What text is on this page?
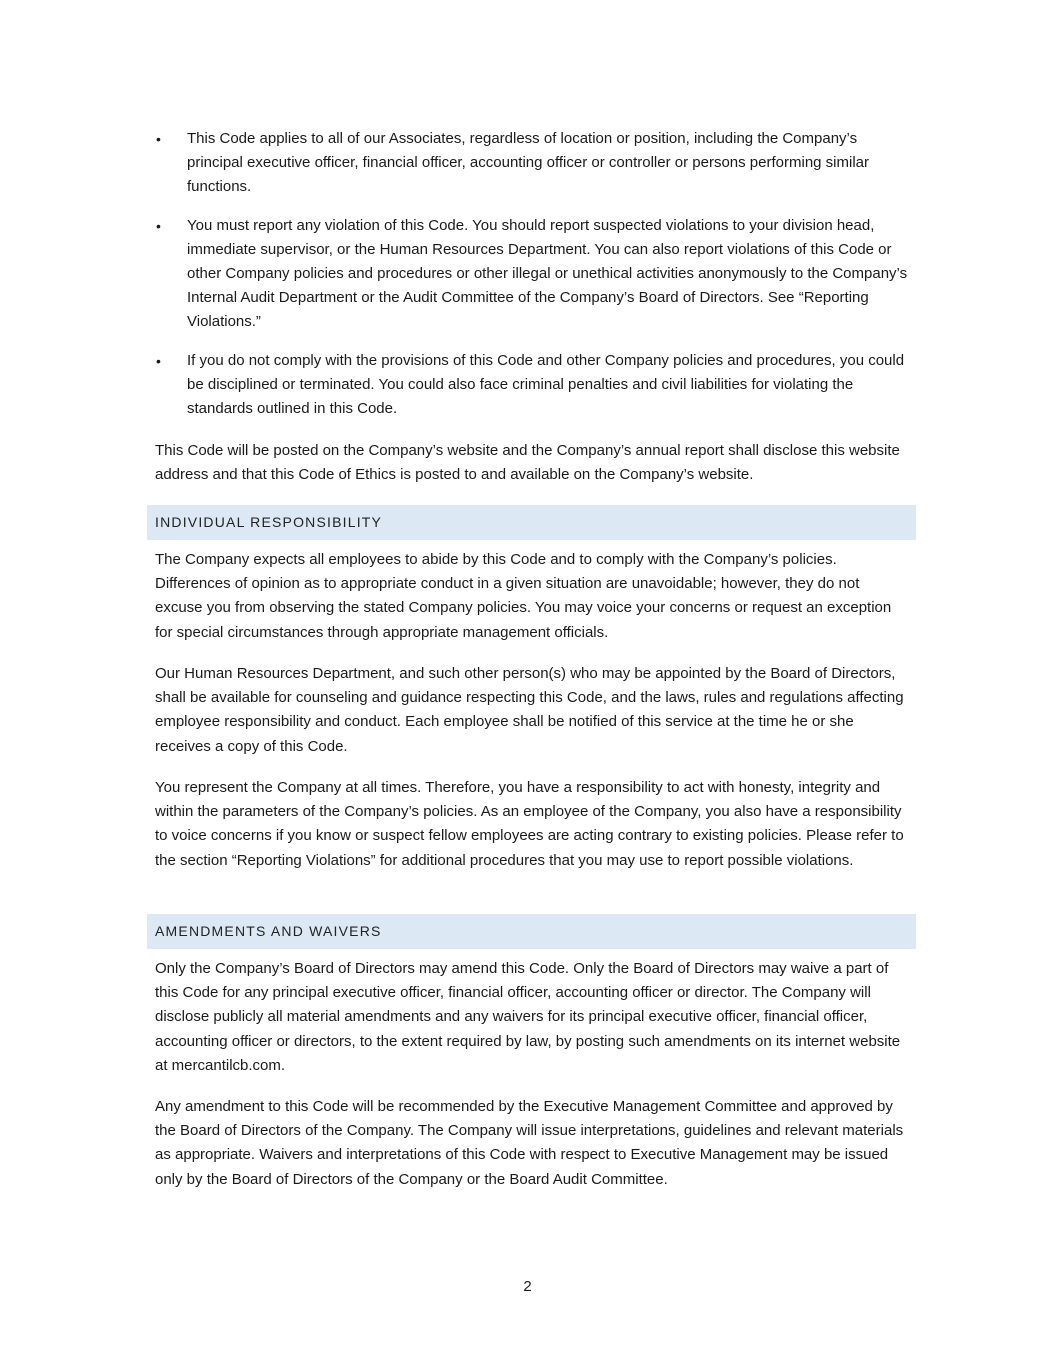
• This Code applies to all of our Associates, regardless of location or position, including the Company’s principal executive officer, financial officer, accounting officer or controller or persons performing similar functions.
• You must report any violation of this Code. You should report suspected violations to your division head, immediate supervisor, or the Human Resources Department. You can also report violations of this Code or other Company policies and procedures or other illegal or unethical activities anonymously to the Company’s Internal Audit Department or the Audit Committee of the Company’s Board of Directors. See “Reporting Violations.”
• If you do not comply with the provisions of this Code and other Company policies and procedures, you could be disciplined or terminated. You could also face criminal penalties and civil liabilities for violating the standards outlined in this Code.

This Code will be posted on the Company’s website and the Company’s annual report shall disclose this website address and that this Code of Ethics is posted to and available on the Company’s website.

INDIVIDUAL RESPONSIBILITY

The Company expects all employees to abide by this Code and to comply with the Company’s policies. Differences of opinion as to appropriate conduct in a given situation are unavoidable; however, they do not excuse you from observing the stated Company policies. You may voice your concerns or request an exception for special circumstances through appropriate management officials.

Our Human Resources Department, and such other person(s) who may be appointed by the Board of Directors, shall be available for counseling and guidance respecting this Code, and the laws, rules and regulations affecting employee responsibility and conduct. Each employee shall be notified of this service at the time he or she receives a copy of this Code.

You represent the Company at all times. Therefore, you have a responsibility to act with honesty, integrity and within the parameters of the Company’s policies. As an employee of the Company, you also have a responsibility to voice concerns if you know or suspect fellow employees are acting contrary to existing policies. Please refer to the section “Reporting Violations” for additional procedures that you may use to report possible violations.

AMENDMENTS AND WAIVERS

Only the Company’s Board of Directors may amend this Code. Only the Board of Directors may waive a part of this Code for any principal executive officer, financial officer, accounting officer or director. The Company will disclose publicly all material amendments and any waivers for its principal executive officer, financial officer, accounting officer or directors, to the extent required by law, by posting such amendments on its internet website at mercantilcb.com.

Any amendment to this Code will be recommended by the Executive Management Committee and approved by the Board of Directors of the Company. The Company will issue interpretations, guidelines and relevant materials as appropriate. Waivers and interpretations of this Code with respect to Executive Management may be issued only by the Board of Directors of the Company or the Board Audit Committee.

2
